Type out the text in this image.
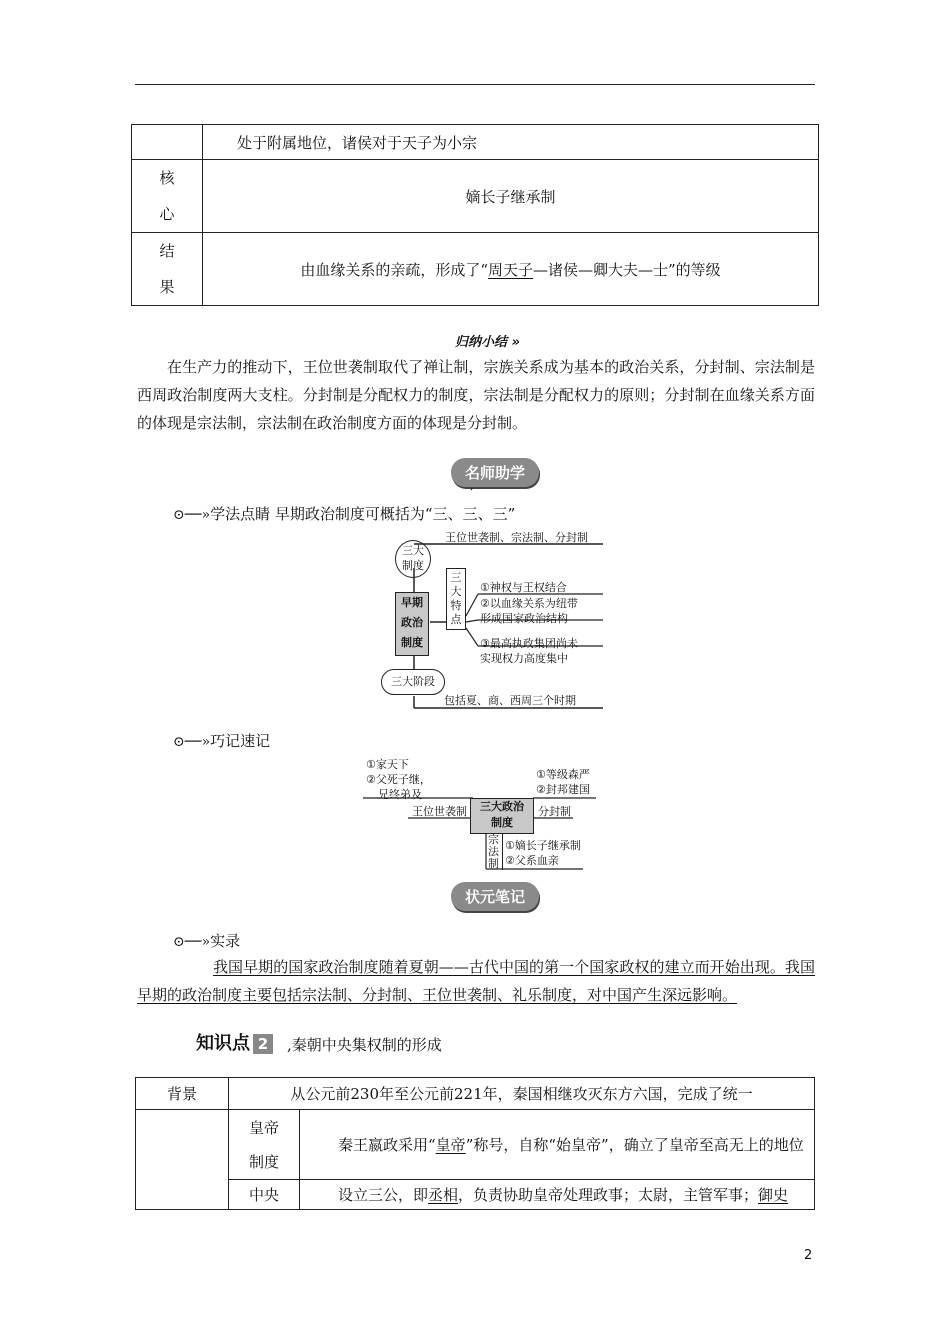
	处于附属地位，诸侯对于天子为小宗

核
心	嫡长子继承制

结
果	由血缘关系的亲疏，形成了“周天子—诸侯—卿大夫—士”的等级
归纳小结 »
在生产力的推动下，王位世袭制取代了禅让制，宗族关系成为基本的政治关系，分封制、宗法制是西周政治制度两大支柱。分封制是分配权力的制度，宗法制是分配权力的原则；分封制在血缘关系方面的体现是宗法制，宗法制在政治制度方面的体现是分封制。
名师助学
,
⊙──»学法点睛 早期政治制度可概括为“三、三、三”
三大
制度
王位世袭制、宗法制、分封制
早期
政治
制度
三
大
特
点
①神权与王权结合
②以血缘关系为纽带
形成国家政治结构
③最高执政集团尚未
实现权力高度集中
三大阶段
包括夏、商、西周三个时期
⊙──»巧记速记
①家天下
②父死子继，
兄终弟及
王位世袭制	三大政治
制度
①等级森严
②封邦建国
分封制
宗
法
制
①嫡长子继承制
②父系血亲
状元笔记
⊙──»实录
我国早期的国家政治制度随着夏朝——古代中国的第一个国家政权的建立而开始出现。我国早期的政治制度主要包括宗法制、分封制、王位世袭制、礼乐制度，对中国产生深远影响。
知识点 2	,秦朝中央集权制的形成
背景	从公元前230年至公元前221年，秦国相继攻灭东方六国，完成了统一	

	皇帝
制度	秦王嬴政采用“皇帝”称号，自称“始皇帝”，确立了皇帝至高无上的地位
	中央	设立三公，即丞相，负责协助皇帝处理政事；太尉，主管军事；御史
2
